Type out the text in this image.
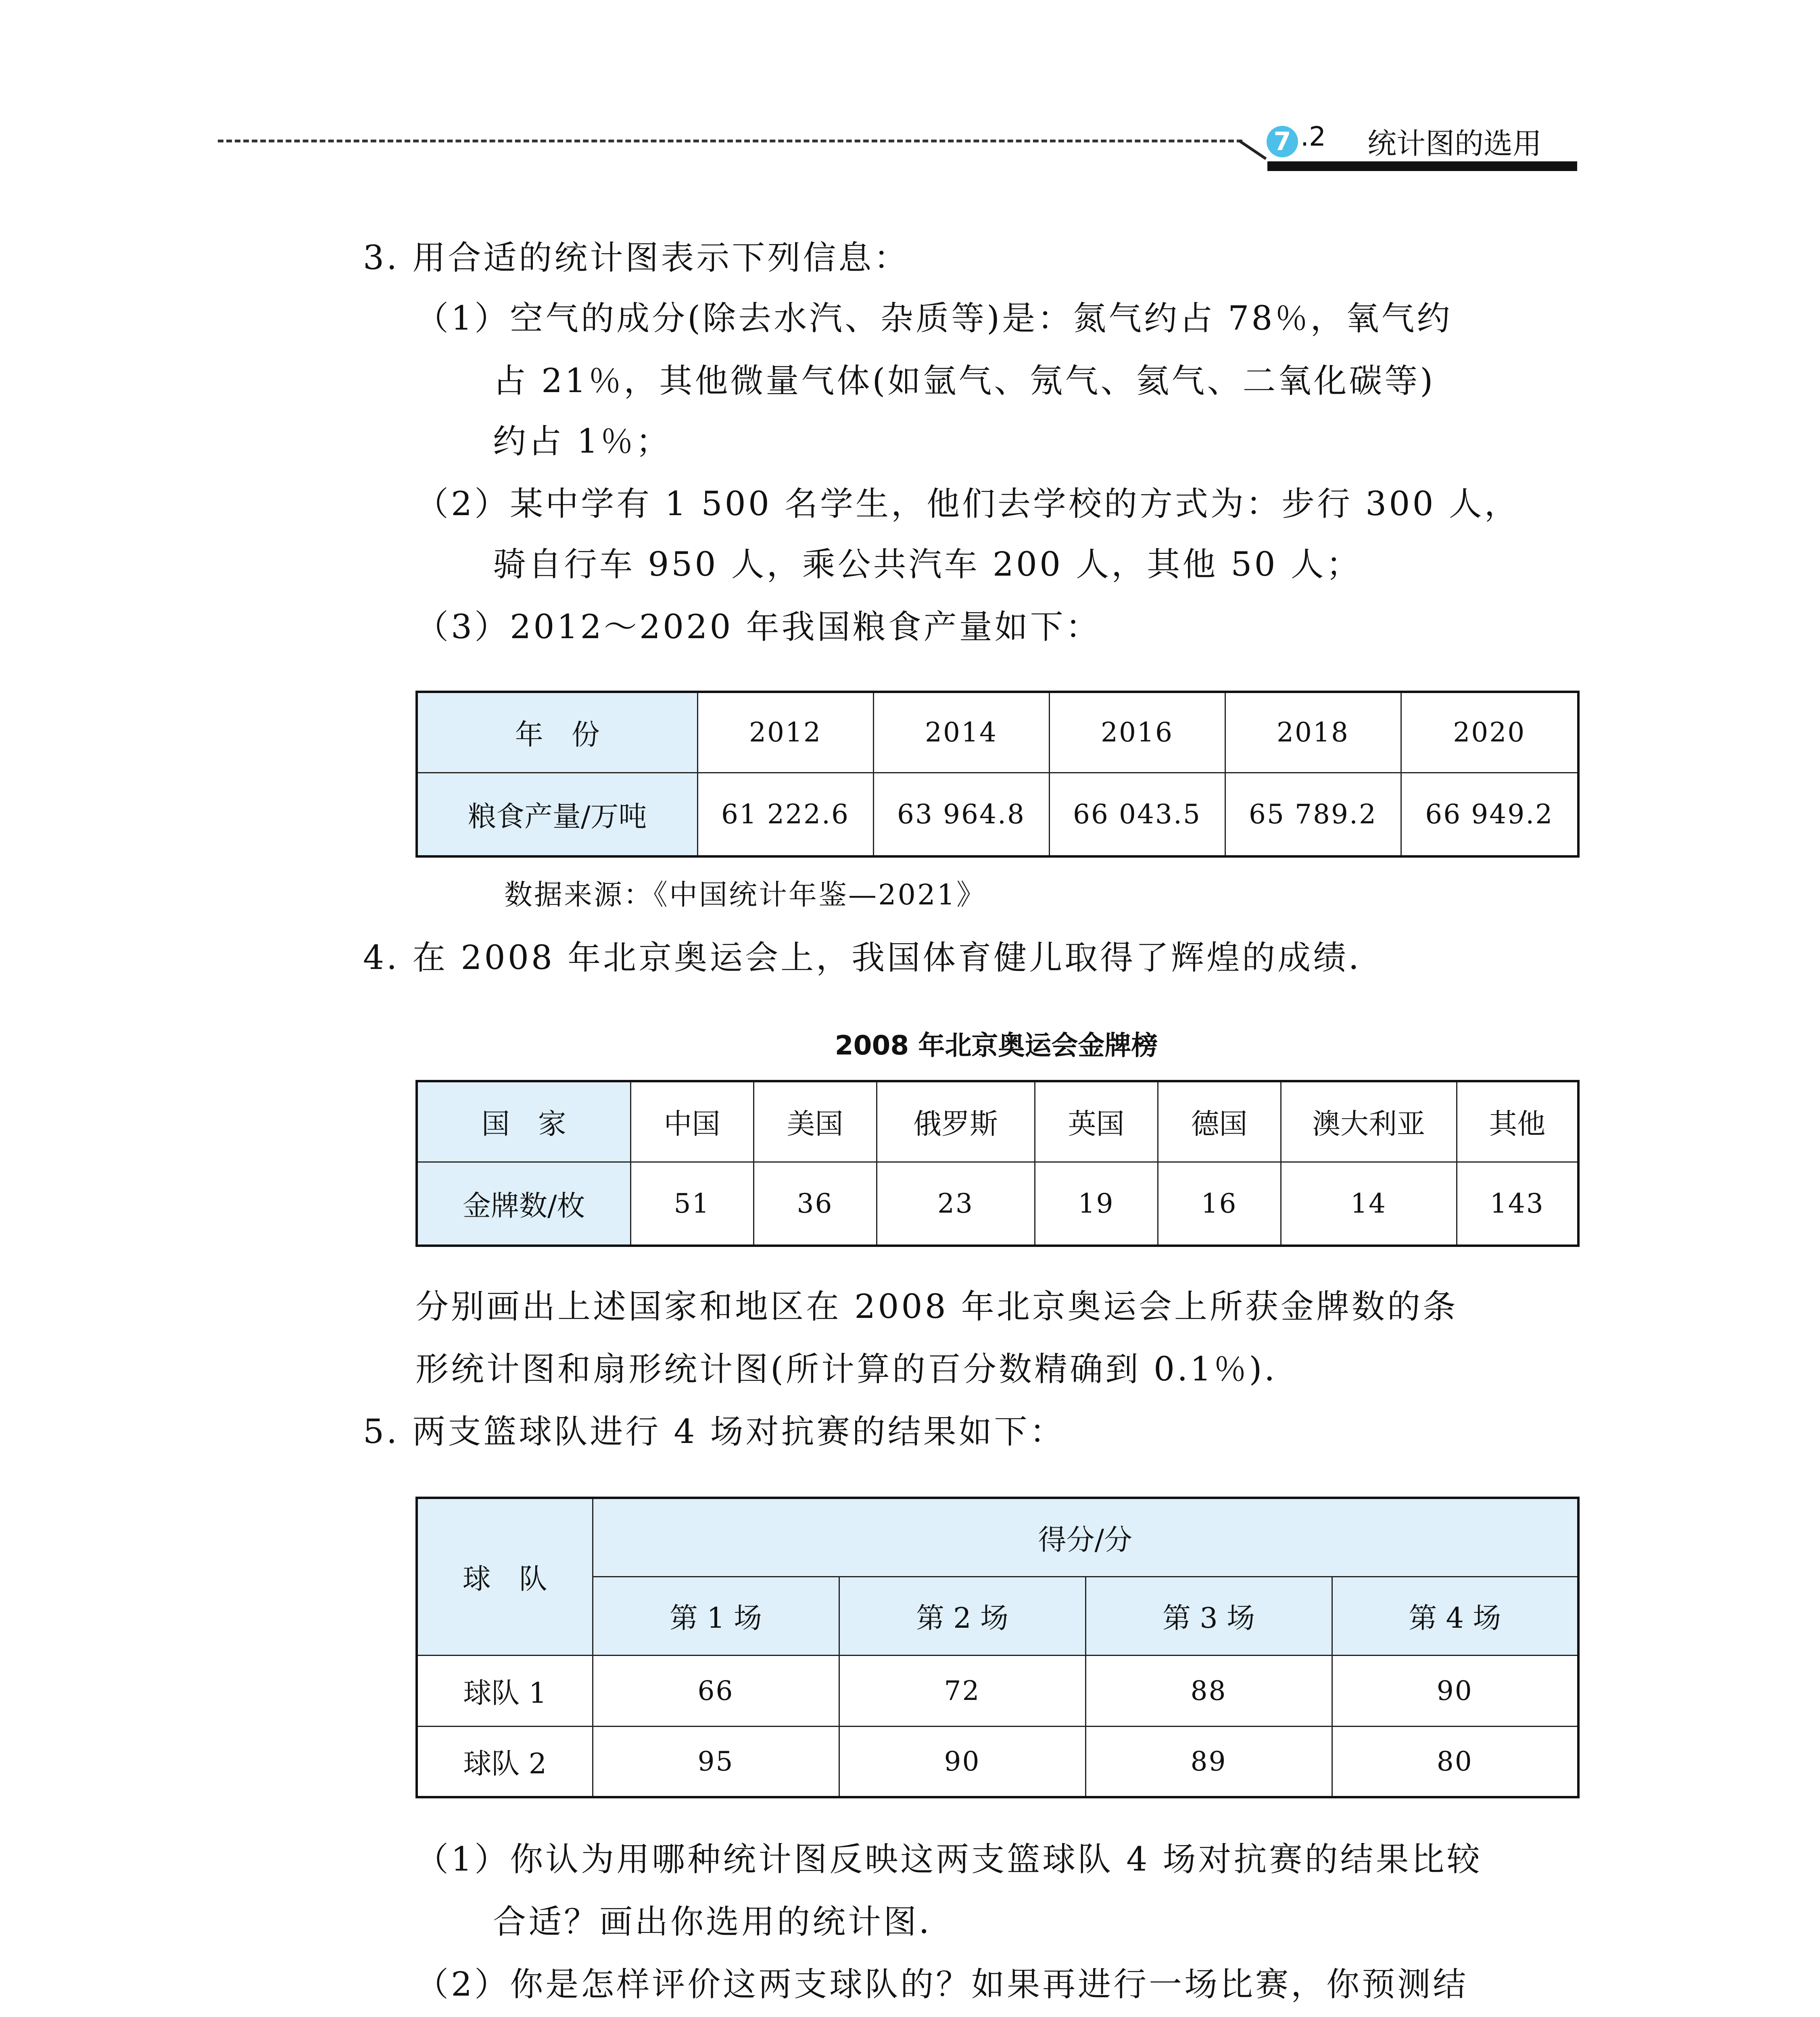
7 .2 统计图的选用
3. 用合适的统计图表示下列信息：
（1）空气的成分(除去水汽、杂质等)是：氮气约占 78％，氧气约
占 21％，其他微量气体(如氩气、氖气、氦气、二氧化碳等)
约占 1％；
（2）某中学有 1 500 名学生，他们去学校的方式为：步行 300 人，
骑自行车 950 人，乘公共汽车 200 人，其他 50 人；
（3）2012～2020 年我国粮食产量如下：
年　份	2012	2014	2016	2018	2020
粮食产量/万吨	61 222.6	63 964.8	66 043.5	65 789.2	66 949.2
数据来源：《中国统计年鉴—2021》
4. 在 2008 年北京奥运会上，我国体育健儿取得了辉煌的成绩．
2008 年北京奥运会金牌榜
国　家	中国	美国	俄罗斯	英国	德国	澳大利亚	其他
金牌数/枚	51	36	23	19	16	14	143
分别画出上述国家和地区在 2008 年北京奥运会上所获金牌数的条
形统计图和扇形统计图(所计算的百分数精确到 0.1％)．
5. 两支篮球队进行 4 场对抗赛的结果如下：
球　队	得分/分			
	第 1 场	第 2 场	第 3 场	第 4 场
球队 1	66	72	88	90
球队 2	95	90	89	80
（1）你认为用哪种统计图反映这两支篮球队 4 场对抗赛的结果比较
合适？画出你选用的统计图．
（2）你是怎样评价这两支球队的？如果再进行一场比赛，你预测结
